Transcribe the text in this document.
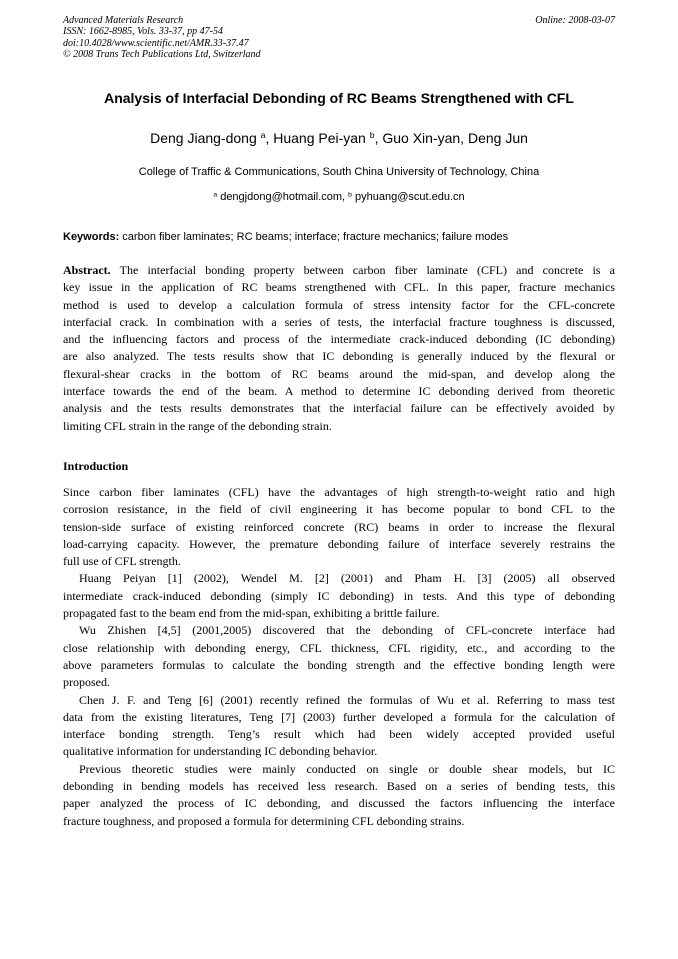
Advanced Materials Research
ISSN: 1662-8985, Vols. 33-37, pp 47-54
doi:10.4028/www.scientific.net/AMR.33-37.47
© 2008 Trans Tech Publications Ltd, Switzerland
Online: 2008-03-07
Analysis of Interfacial Debonding of RC Beams Strengthened with CFL
Deng Jiang-dong $^a$, Huang Pei-yan $^b$, Guo Xin-yan, Deng Jun
College of Traffic & Communications, South China University of Technology, China
$^a$ dengjdong@hotmail.com, $^b$ pyhuang@scut.edu.cn
Keywords: carbon fiber laminates; RC beams; interface; fracture mechanics; failure modes
Abstract. The interfacial bonding property between carbon fiber laminate (CFL) and concrete is a
key issue in the application of RC beams strengthened with CFL. In this paper, fracture mechanics
method is used to develop a calculation formula of stress intensity factor for the CFL-concrete
interfacial crack. In combination with a series of tests, the interfacial fracture toughness is discussed,
and the influencing factors and process of the intermediate crack-induced debonding (IC debonding)
are also analyzed. The tests results show that IC debonding is generally induced by the flexural or
flexural-shear cracks in the bottom of RC beams around the mid-span, and develop along the
interface towards the end of the beam. A method to determine IC debonding derived from theoretic
analysis and the tests results demonstrates that the interfacial failure can be effectively avoided by
limiting CFL strain in the range of the debonding strain.
Introduction
Since carbon fiber laminates (CFL) have the advantages of high strength-to-weight ratio and high
corrosion resistance, in the field of civil engineering it has become popular to bond CFL to the
tension-side surface of existing reinforced concrete (RC) beams in order to increase the flexural
load-carrying capacity. However, the premature debonding failure of interface severely restrains the
full use of CFL strength.
Huang Peiyan [1] (2002), Wendel M. [2] (2001) and Pham H. [3] (2005) all observed
intermediate crack-induced debonding (simply IC debonding) in tests. And this type of debonding
propagated fast to the beam end from the mid-span, exhibiting a brittle failure.
Wu Zhishen [4,5] (2001,2005) discovered that the debonding of CFL-concrete interface had
close relationship with debonding energy, CFL thickness, CFL rigidity, etc., and according to the
above parameters formulas to calculate the bonding strength and the effective bonding length were
proposed.
Chen J. F. and Teng [6] (2001) recently refined the formulas of Wu et al. Referring to mass test
data from the existing literatures, Teng [7] (2003) further developed a formula for the calculation of
interface bonding strength. Teng’s result which had been widely accepted provided useful
qualitative information for understanding IC debonding behavior.
Previous theoretic studies were mainly conducted on single or double shear models, but IC
debonding in bending models has received less research. Based on a series of bending tests, this
paper analyzed the process of IC debonding, and discussed the factors influencing the interface
fracture toughness, and proposed a formula for determining CFL debonding strains.
